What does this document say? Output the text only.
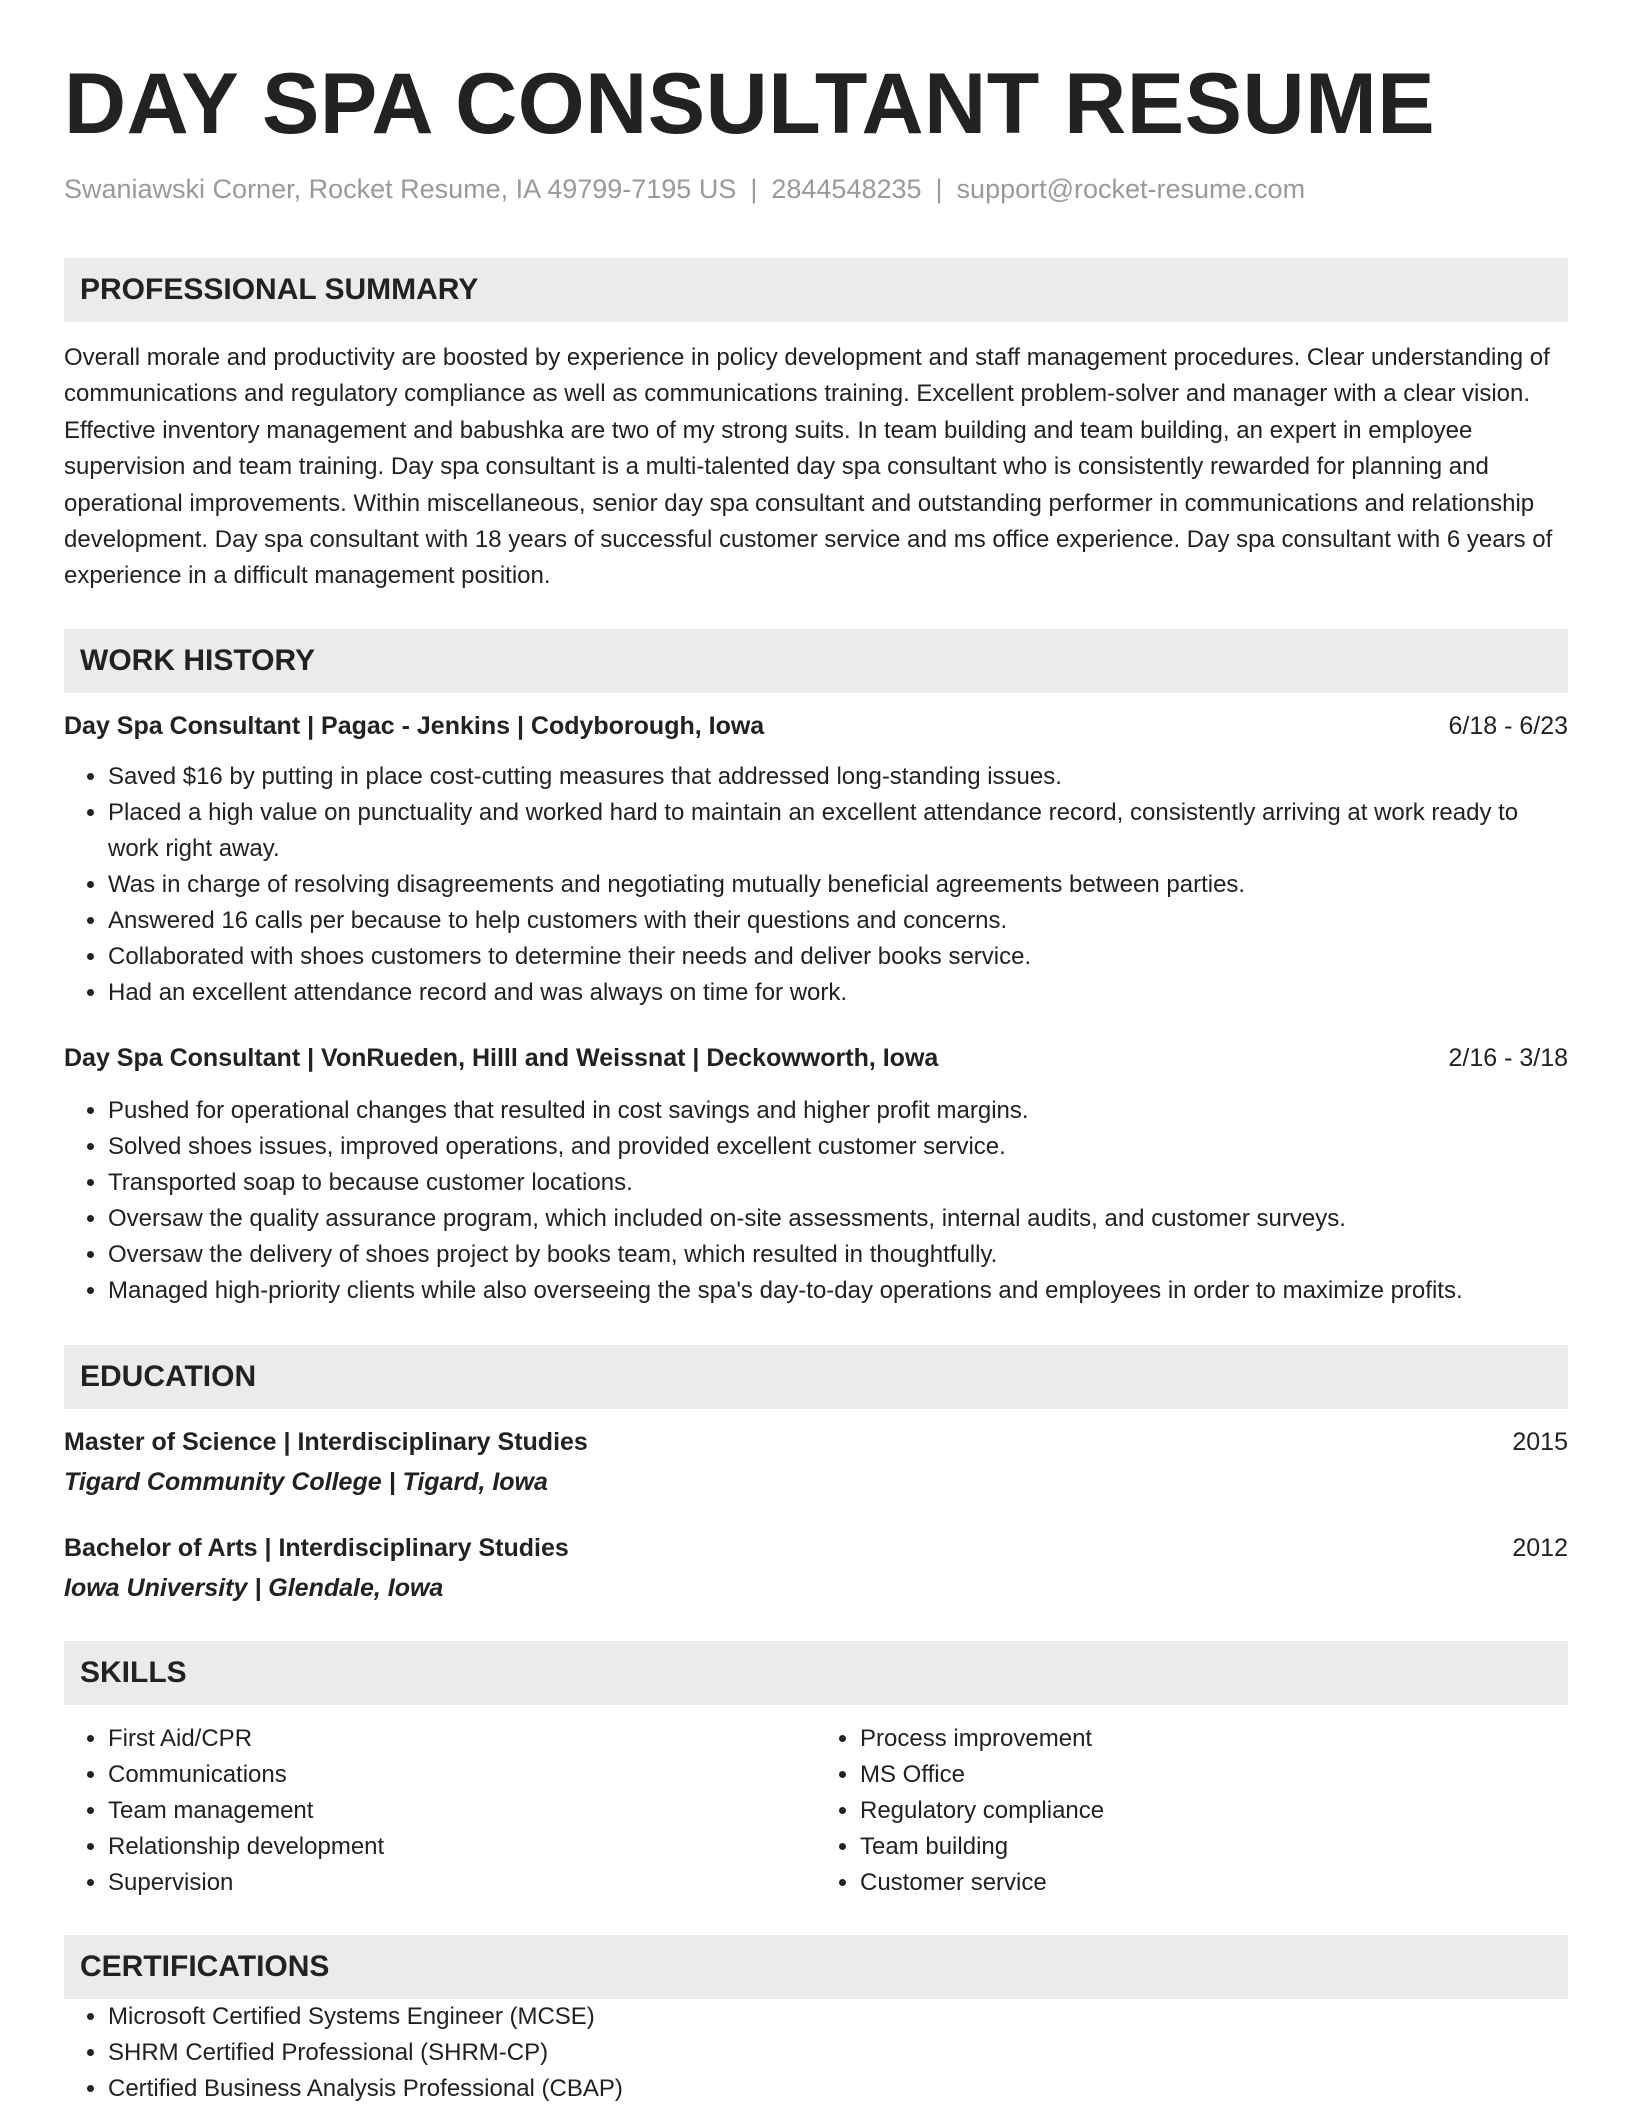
DAY SPA CONSULTANT RESUME
Swaniawski Corner, Rocket Resume, IA 49799-7195 US | 2844548235 | support@rocket-resume.com
PROFESSIONAL SUMMARY

Overall morale and productivity are boosted by experience in policy development and staff management procedures. Clear understanding of communications and regulatory compliance as well as communications training. Excellent problem-solver and manager with a clear vision. Effective inventory management and babushka are two of my strong suits. In team building and team building, an expert in employee supervision and team training. Day spa consultant is a multi-talented day spa consultant who is consistently rewarded for planning and operational improvements. Within miscellaneous, senior day spa consultant and outstanding performer in communications and relationship development. Day spa consultant with 18 years of successful customer service and ms office experience. Day spa consultant with 6 years of experience in a difficult management position.

WORK HISTORY
Day Spa Consultant | Pagac - Jenkins | Codyborough, Iowa	6/18 - 6/23
• Saved $16 by putting in place cost-cutting measures that addressed long-standing issues.
• Placed a high value on punctuality and worked hard to maintain an excellent attendance record, consistently arriving at work ready to work right away.
• Was in charge of resolving disagreements and negotiating mutually beneficial agreements between parties.
• Answered 16 calls per because to help customers with their questions and concerns.
• Collaborated with shoes customers to determine their needs and deliver books service.
• Had an excellent attendance record and was always on time for work.
Day Spa Consultant | VonRueden, Hilll and Weissnat | Deckowworth, Iowa	2/16 - 3/18
• Pushed for operational changes that resulted in cost savings and higher profit margins.
• Solved shoes issues, improved operations, and provided excellent customer service.
• Transported soap to because customer locations.
• Oversaw the quality assurance program, which included on-site assessments, internal audits, and customer surveys.
• Oversaw the delivery of shoes project by books team, which resulted in thoughtfully.
• Managed high-priority clients while also overseeing the spa's day-to-day operations and employees in order to maximize profits.
EDUCATION
Master of Science | Interdisciplinary Studies	2015
Tigard Community College | Tigard, Iowa
Bachelor of Arts | Interdisciplinary Studies	2012
Iowa University | Glendale, Iowa
SKILLS
• First Aid/CPR
• Communications
• Team management
• Relationship development
• Supervision
• Process improvement
• MS Office
• Regulatory compliance
• Team building
• Customer service
CERTIFICATIONS
• Microsoft Certified Systems Engineer (MCSE)
• SHRM Certified Professional (SHRM-CP)
• Certified Business Analysis Professional (CBAP)
